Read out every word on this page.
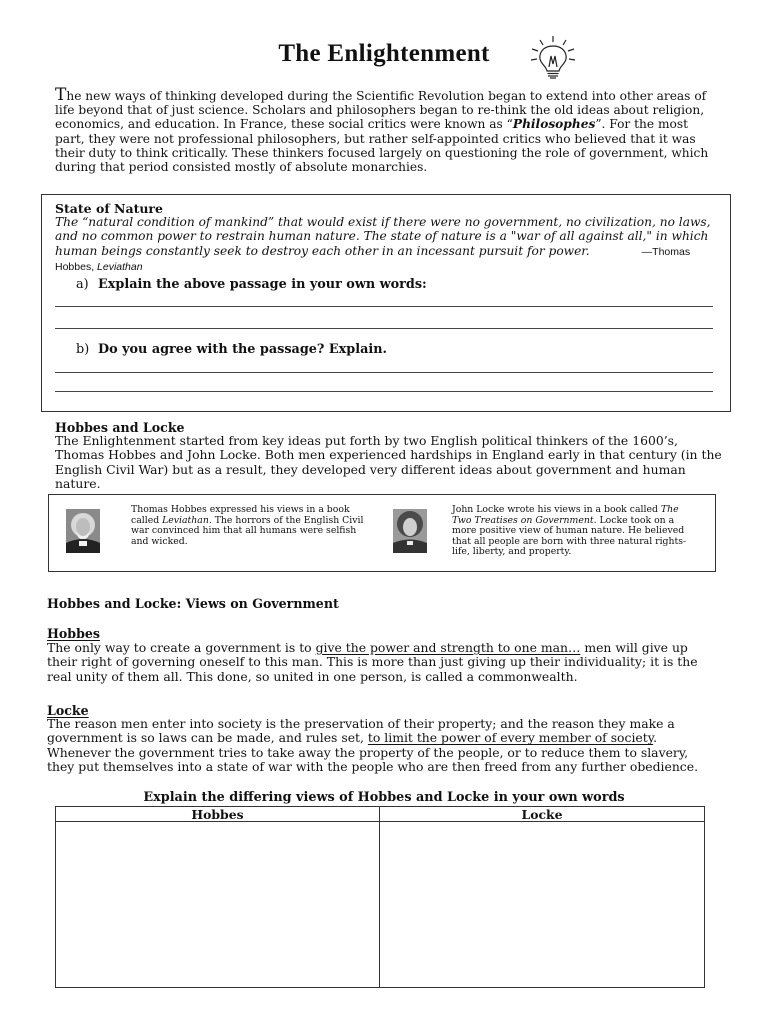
The Enlightenment
The new ways of thinking developed during the Scientific Revolution began to extend into other areas of life beyond that of just science. Scholars and philosophers began to re-think the old ideas about religion, economics, and education. In France, these social critics were known as “Philosophes”. For the most part, they were not professional philosophers, but rather self-appointed critics who believed that it was their duty to think critically. These thinkers focused largely on questioning the role of government, which during that period consisted mostly of absolute monarchies.
State of Nature
The “natural condition of mankind” that would exist if there were no government, no civilization, no laws, and no common power to restrain human nature. The state of nature is a "war of all against all," in which human beings constantly seek to destroy each other in an incessant pursuit for power.	—Thomas Hobbes, Leviathan
a) Explain the above passage in your own words:
b) Do you agree with the passage? Explain.
Hobbes and Locke
The Enlightenment started from key ideas put forth by two English political thinkers of the 1600’s, Thomas Hobbes and John Locke. Both men experienced hardships in England early in that century (in the English Civil War) but as a result, they developed very different ideas about government and human nature.
Thomas Hobbes expressed his views in a book called Leviathan. The horrors of the English Civil war convinced him that all humans were selfish and wicked.
John Locke wrote his views in a book called The Two Treatises on Government. Locke took on a more positive view of human nature. He believed that all people are born with three natural rights- life, liberty, and property.
Hobbes and Locke: Views on Government
Hobbes
The only way to create a government is to give the power and strength to one man… men will give up their right of governing oneself to this man. This is more than just giving up their individuality; it is the real unity of them all. This done, so united in one person, is called a commonwealth.
Locke
The reason men enter into society is the preservation of their property; and the reason they make a government is so laws can be made, and rules set, to limit the power of every member of society. Whenever the government tries to take away the property of the people, or to reduce them to slavery, they put themselves into a state of war with the people who are then freed from any further obedience.
Explain the differing views of Hobbes and Locke in your own words
Hobbes	Locke
